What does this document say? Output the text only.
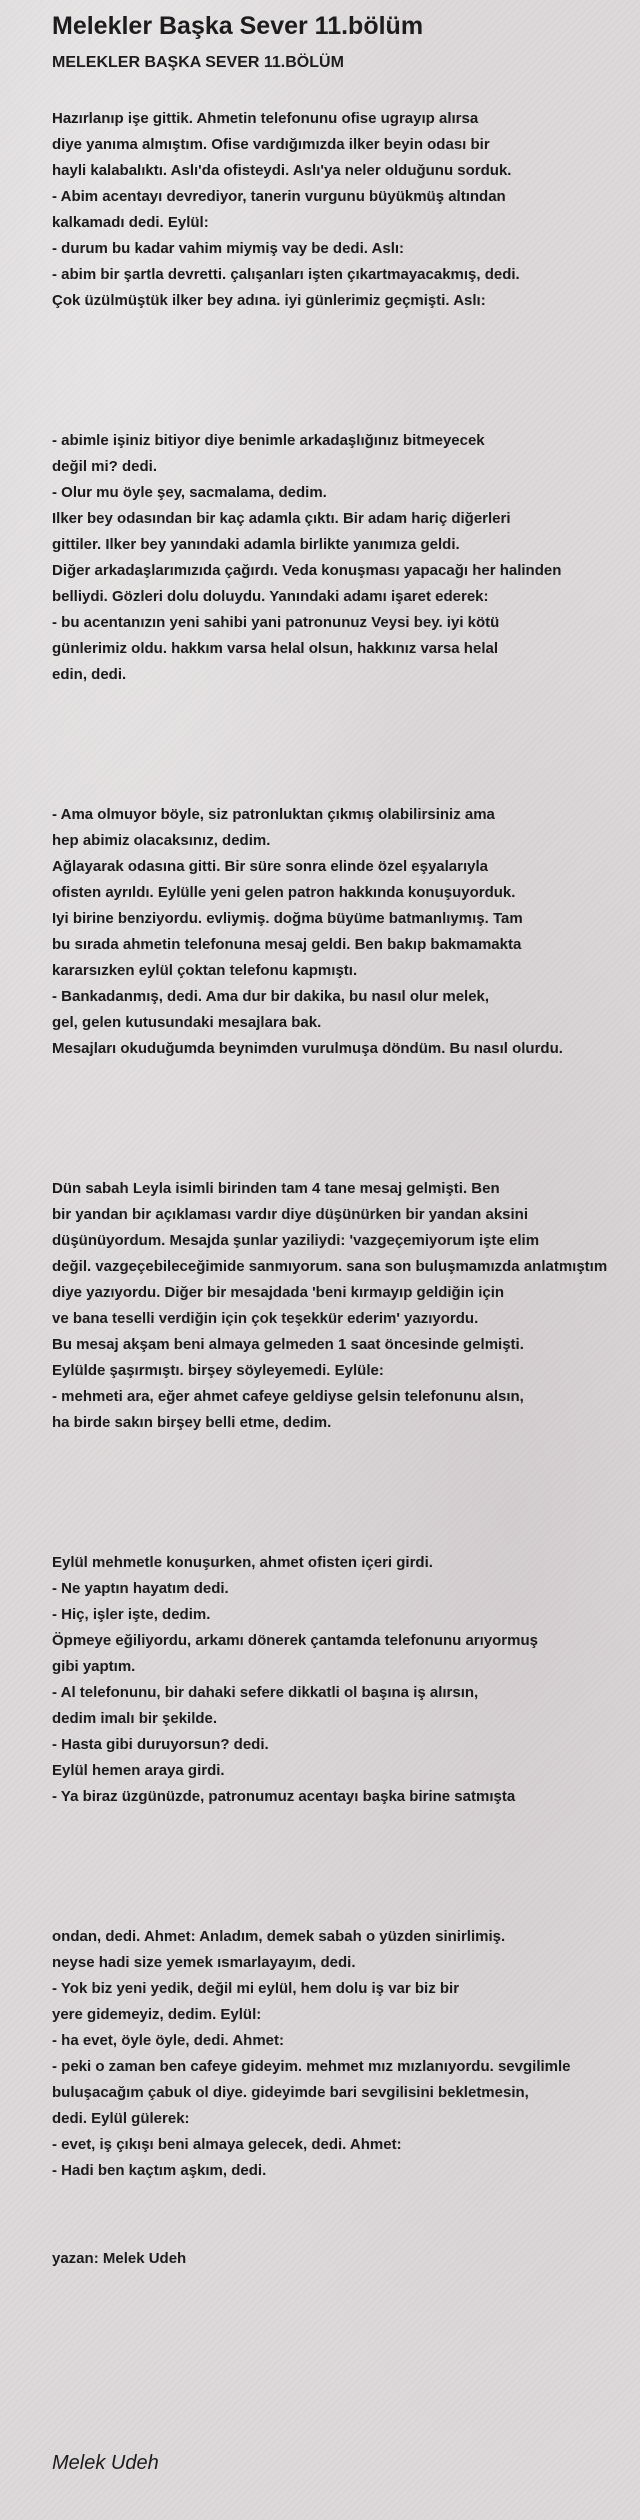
Melekler Başka Sever 11.bölüm
MELEKLER BAŞKA SEVER 11.BÖLÜM

Hazırlanıp işe gittik. Ahmetin telefonunu ofise ugrayıp alırsa
diye yanıma almıştım. Ofise vardığımızda ilker beyin odası bir
hayli kalabalıktı. Aslı'da ofisteydi. Aslı'ya neler olduğunu sorduk.
- Abim acentayı devrediyor, tanerin vurgunu büyükmüş altından
kalkamadı dedi. Eylül:
- durum bu kadar vahim miymiş vay be dedi. Aslı:
- abim bir şartla devretti. çalışanları işten çıkartmayacakmış, dedi.
Çok üzülmüştük ilker bey adına. iyi günlerimiz geçmişti. Aslı:

- abimle işiniz bitiyor diye benimle arkadaşlığınız bitmeyecek
değil mi? dedi.
- Olur mu öyle şey, sacmalama, dedim.
Ilker bey odasından bir kaç adamla çıktı. Bir adam hariç diğerleri
gittiler. Ilker bey yanındaki adamla birlikte yanımıza geldi.
Diğer arkadaşlarımızıda çağırdı. Veda konuşması yapacağı her halinden
belliydi. Gözleri dolu doluydu. Yanındaki adamı işaret ederek:
- bu acentanızın yeni sahibi yani patronunuz Veysi bey. iyi kötü
günlerimiz oldu. hakkım varsa helal olsun, hakkınız varsa helal
edin, dedi.

- Ama olmuyor böyle, siz patronluktan çıkmış olabilirsiniz ama
hep abimiz olacaksınız, dedim.
Ağlayarak odasına gitti. Bir süre sonra elinde özel eşyalarıyla
ofisten ayrıldı. Eylülle yeni gelen patron hakkında konuşuyorduk.
Iyi birine benziyordu. evliymiş. doğma büyüme batmanlıymış. Tam
bu sırada ahmetin telefonuna mesaj geldi. Ben bakıp bakmamakta
kararsızken eylül çoktan telefonu kapmıştı.
- Bankadanmış, dedi. Ama dur bir dakika, bu nasıl olur melek,
gel, gelen kutusundaki mesajlara bak.
Mesajları okuduğumda beynimden vurulmuşa döndüm. Bu nasıl olurdu.

Dün sabah Leyla isimli birinden tam 4 tane mesaj gelmişti. Ben
bir yandan bir açıklaması vardır diye düşünürken bir yandan aksini
düşünüyordum. Mesajda şunlar yaziliydi: 'vazgeçemiyorum işte elim
değil. vazgeçebileceğimide sanmıyorum. sana son buluşmamızda anlatmıştım
diye yazıyordu. Diğer bir mesajdada 'beni kırmayıp geldiğin için
ve bana teselli verdiğin için çok teşekkür ederim' yazıyordu.
Bu mesaj akşam beni almaya gelmeden 1 saat öncesinde gelmişti.
Eylülde şaşırmıştı. birşey söyleyemedi. Eylüle:
- mehmeti ara, eğer ahmet cafeye geldiyse gelsin telefonunu alsın,
ha birde sakın birşey belli etme, dedim.

Eylül mehmetle konuşurken, ahmet ofisten içeri girdi.
- Ne yaptın hayatım dedi.
- Hiç, işler işte, dedim.
Öpmeye eğiliyordu, arkamı dönerek çantamda telefonunu arıyormuş
gibi yaptım.
- Al telefonunu, bir dahaki sefere dikkatli ol başına iş alırsın,
dedim imalı bir şekilde.
- Hasta gibi duruyorsun? dedi.
Eylül hemen araya girdi.
- Ya biraz üzgünüzde, patronumuz acentayı başka birine satmışta

ondan, dedi. Ahmet: Anladım, demek sabah o yüzden sinirlimiş.
neyse hadi size yemek ısmarlayayım, dedi.
- Yok biz yeni yedik, değil mi eylül, hem dolu iş var biz bir
yere gidemeyiz, dedim. Eylül:
- ha evet, öyle öyle, dedi. Ahmet:
- peki o zaman ben cafeye gideyim. mehmet mız mızlanıyordu. sevgilimle
buluşacağım çabuk ol diye. gideyimde bari sevgilisini bekletmesin,
dedi. Eylül gülerek:
- evet, iş çıkışı beni almaya gelecek, dedi. Ahmet:
- Hadi ben kaçtım aşkım, dedi.

yazan: Melek Udeh

Melek Udeh
